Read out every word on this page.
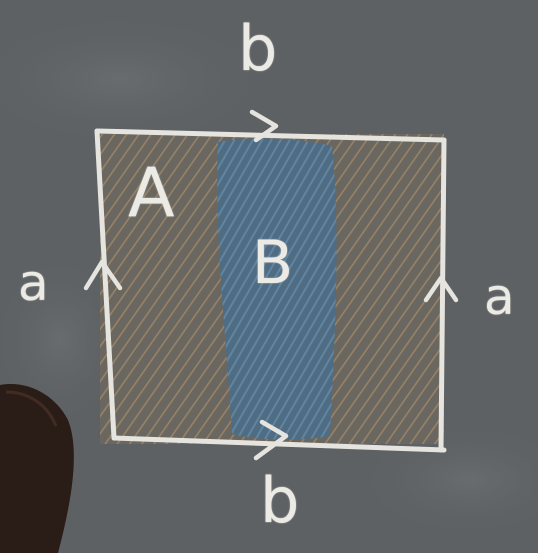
b
b
a	a
A
B
